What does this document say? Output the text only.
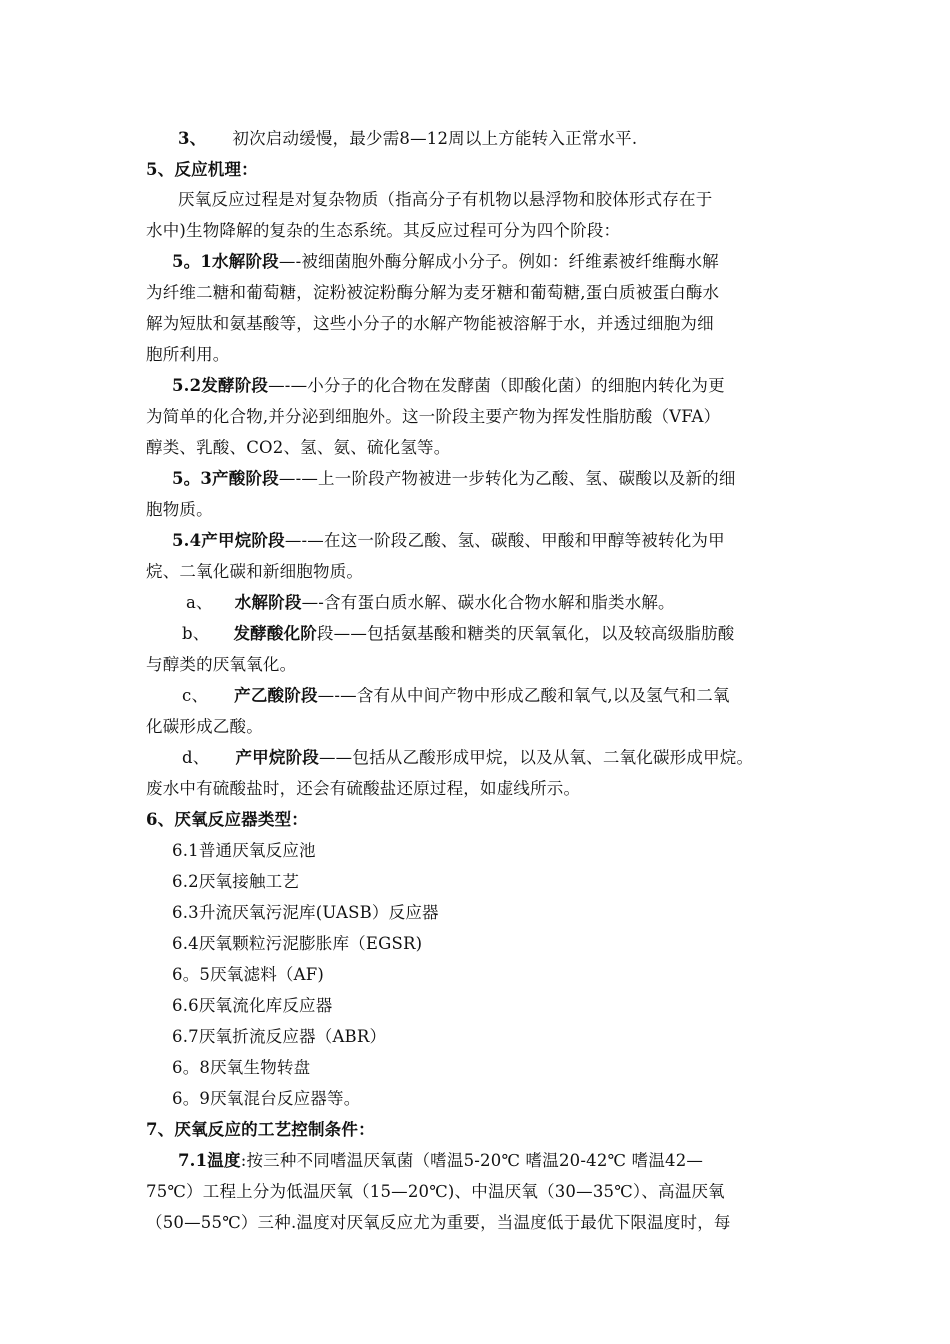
3、 初次启动缓慢，最少需8—12周以上方能转入正常水平.
5、反应机理：
厌氧反应过程是对复杂物质（指高分子有机物以悬浮物和胶体形式存在于
水中)生物降解的复杂的生态系统。其反应过程可分为四个阶段：
5。1水解阶段—-被细菌胞外酶分解成小分子。例如：纤维素被纤维酶水解
为纤维二糖和葡萄糖，淀粉被淀粉酶分解为麦牙糖和葡萄糖,蛋白质被蛋白酶水
解为短肽和氨基酸等，这些小分子的水解产物能被溶解于水，并透过细胞为细
胞所利用。
5.2发酵阶段—-—小分子的化合物在发酵菌（即酸化菌）的细胞内转化为更
为简单的化合物,并分泌到细胞外。这一阶段主要产物为挥发性脂肪酸（VFA）
醇类、乳酸、CO2、氢、氨、硫化氢等。
5。3产酸阶段—-—上一阶段产物被进一步转化为乙酸、氢、碳酸以及新的细
胞物质。
5.4产甲烷阶段—-—在这一阶段乙酸、氢、碳酸、甲酸和甲醇等被转化为甲
烷、二氧化碳和新细胞物质。
a、 水解阶段—-含有蛋白质水解、碳水化合物水解和脂类水解。
b、 发酵酸化阶段——包括氨基酸和糖类的厌氧氧化，以及较高级脂肪酸
与醇类的厌氧氧化。
c、 产乙酸阶段—-—含有从中间产物中形成乙酸和氧气,以及氢气和二氧
化碳形成乙酸。
d、 产甲烷阶段——包括从乙酸形成甲烷，以及从氧、二氧化碳形成甲烷。
废水中有硫酸盐时，还会有硫酸盐还原过程，如虚线所示。
6、厌氧反应器类型：
6.1普通厌氧反应池
6.2厌氧接触工艺
6.3升流厌氧污泥库(UASB）反应器
6.4厌氧颗粒污泥膨胀库（EGSR)
6。5厌氧滤料（AF)
6.6厌氧流化库反应器
6.7厌氧折流反应器（ABR）
6。8厌氧生物转盘
6。9厌氧混台反应器等。
7、厌氧反应的工艺控制条件：
7.1温度:按三种不同嗜温厌氧菌（嗜温5-20℃ 嗜温20-42℃ 嗜温42—
75℃）工程上分为低温厌氧（15—20℃)、中温厌氧（30—35℃）、高温厌氧
（50—55℃）三种.温度对厌氧反应尤为重要，当温度低于最优下限温度时，每
